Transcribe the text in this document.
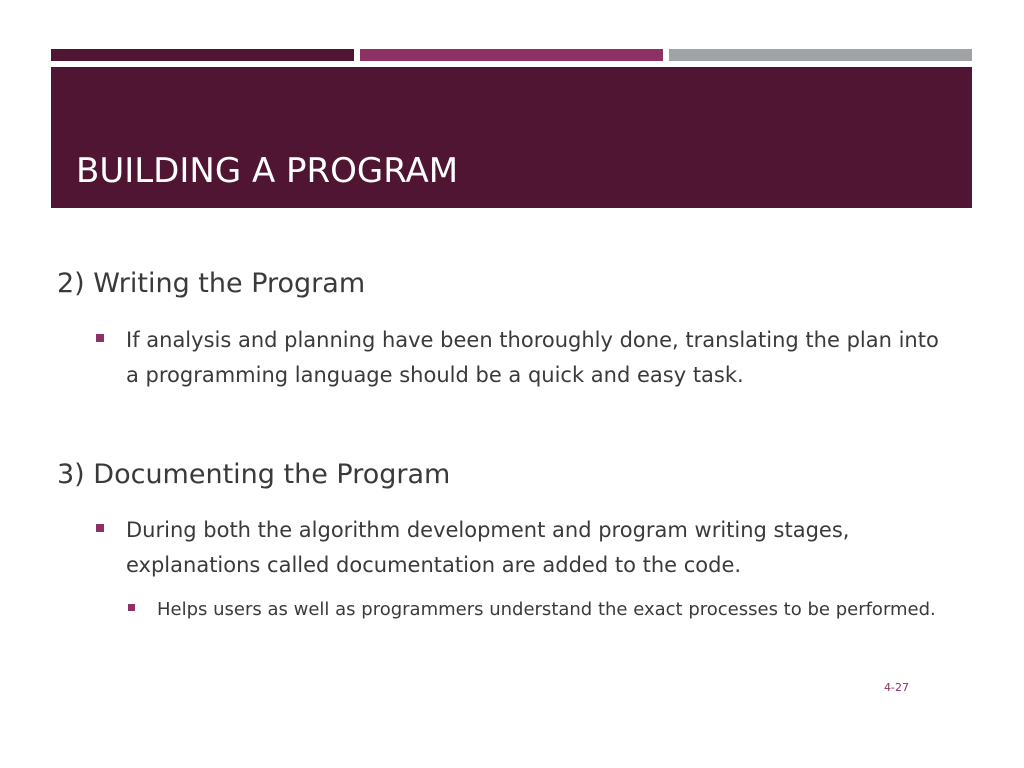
BUILDING A PROGRAM
2) Writing the Program
If analysis and planning have been thoroughly done, translating the plan into a programming language should be a quick and easy task.
3) Documenting the Program
During both the algorithm development and program writing stages, explanations called documentation are added to the code.
Helps users as well as programmers understand the exact processes to be performed.
4-27
